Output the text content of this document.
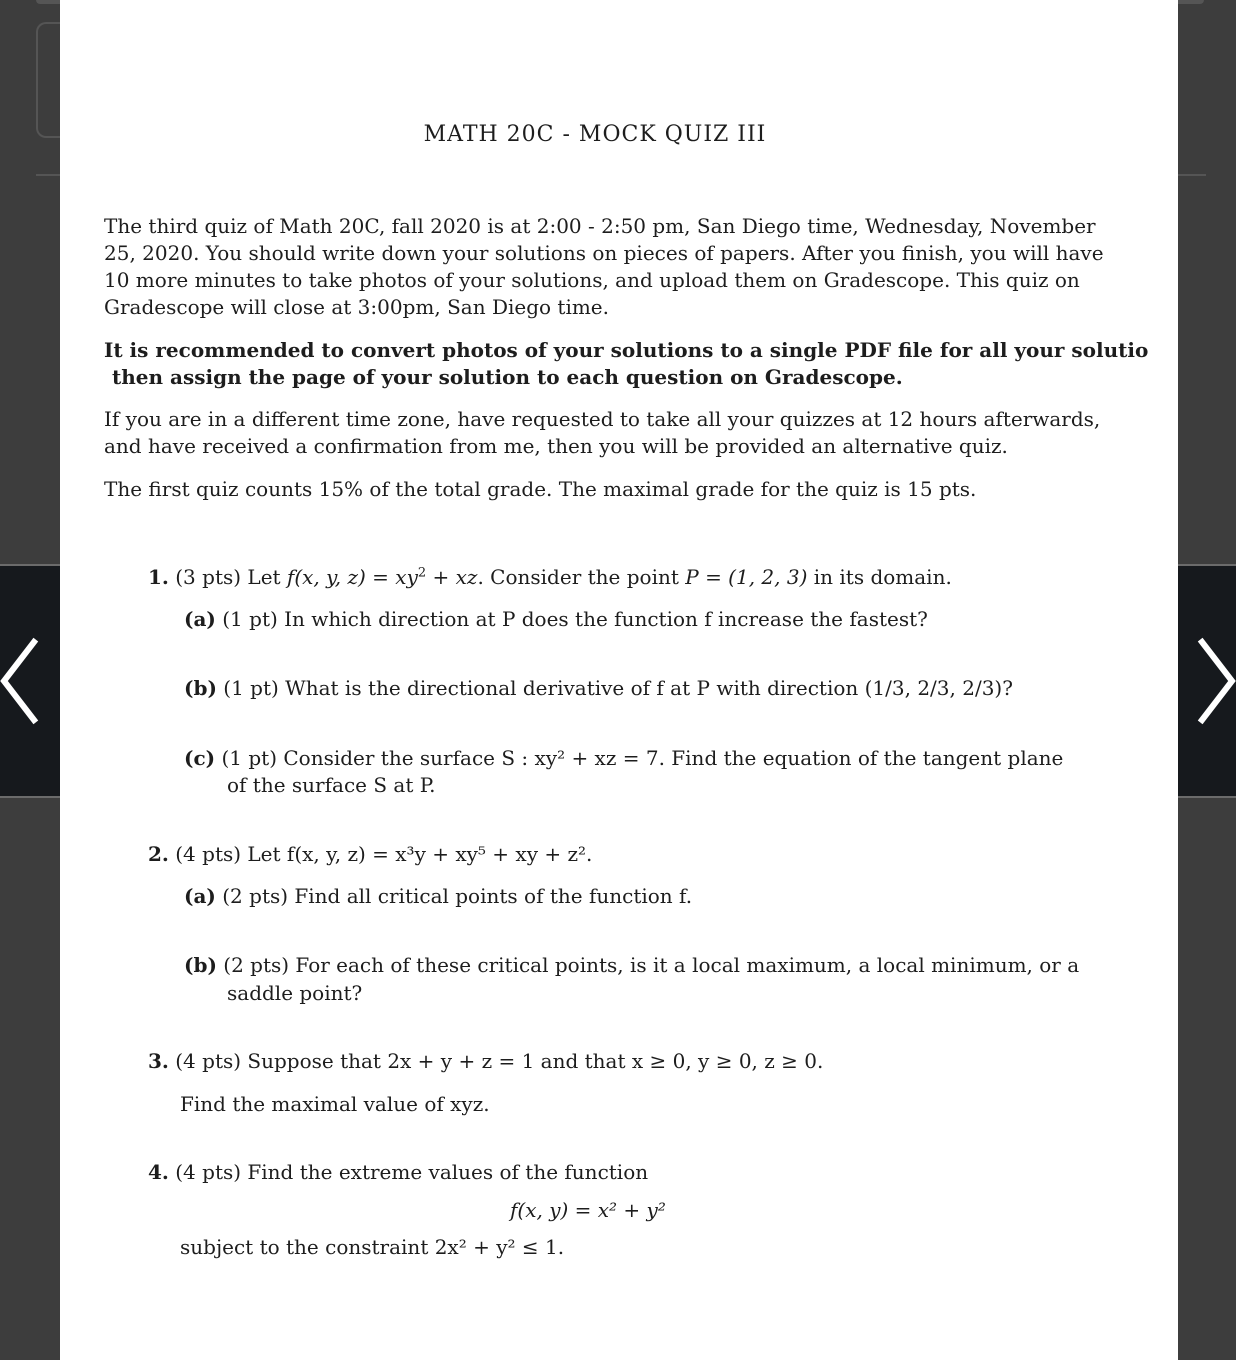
MATH 20C - MOCK QUIZ III
The third quiz of Math 20C, fall 2020 is at 2:00 - 2:50 pm, San Diego time, Wednesday, November
25, 2020. You should write down your solutions on pieces of papers. After you finish, you will have
10 more minutes to take photos of your solutions, and upload them on Gradescope. This quiz on
Gradescope will close at 3:00pm, San Diego time.
It is recommended to convert photos of your solutions to a single PDF file for all your solutio
then assign the page of your solution to each question on Gradescope.
If you are in a different time zone, have requested to take all your quizzes at 12 hours afterwards,
and have received a confirmation from me, then you will be provided an alternative quiz.
The first quiz counts 15% of the total grade. The maximal grade for the quiz is 15 pts.
1. (3 pts) Let f(x, y, $z) = xy^2$ + xz. Consider the point P = (1, 2, 3) in its domain.
(a) (1 pt) In which direction at P does the function f increase the fastest?
(b) (1 pt) What is the directional derivative of f at P with direction (1/3, 2/3, 2/3)?
(c) (1 pt) Consider the surface S : xy² + xz = 7. Find the equation of the tangent plane
of the surface S at P.
2. (4 pts) Let f(x, y, z) = x³y + xy⁵ + xy + z².
(a) (2 pts) Find all critical points of the function f.
(b) (2 pts) For each of these critical points, is it a local maximum, a local minimum, or a
saddle point?
3. (4 pts) Suppose that 2x + y + z = 1 and that x ≥ 0, y ≥ 0, z ≥ 0.
Find the maximal value of xyz.
4. (4 pts) Find the extreme values of the function
f(x, y) = x² + y²
subject to the constraint 2x² + y² ≤ 1.
